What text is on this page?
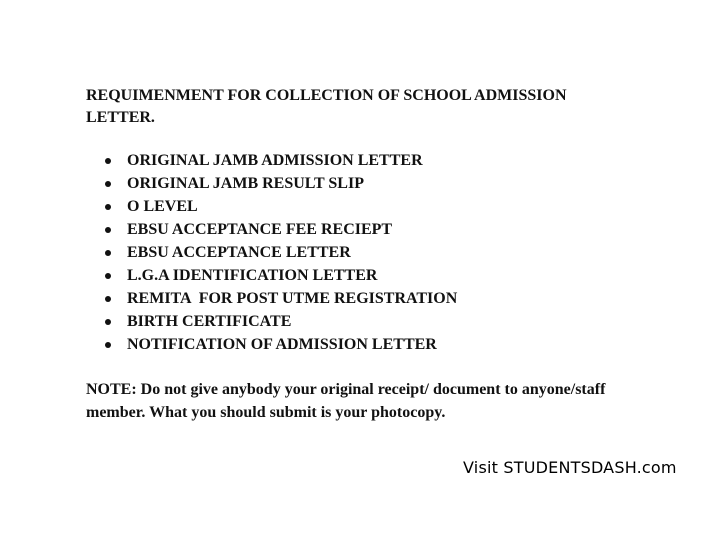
REQUIMENMENT FOR COLLECTION OF SCHOOL ADMISSION LETTER.

ORIGINAL JAMB ADMISSION LETTER
ORIGINAL JAMB RESULT SLIP
O LEVEL
EBSU ACCEPTANCE FEE RECIEPT
EBSU ACCEPTANCE LETTER
L.G.A IDENTIFICATION LETTER
REMITA  FOR POST UTME REGISTRATION
BIRTH CERTIFICATE
NOTIFICATION OF ADMISSION LETTER

NOTE: Do not give anybody your original receipt/ document to anyone/staff member. What you should submit is your photocopy.

Visit STUDENTSDASH.com
